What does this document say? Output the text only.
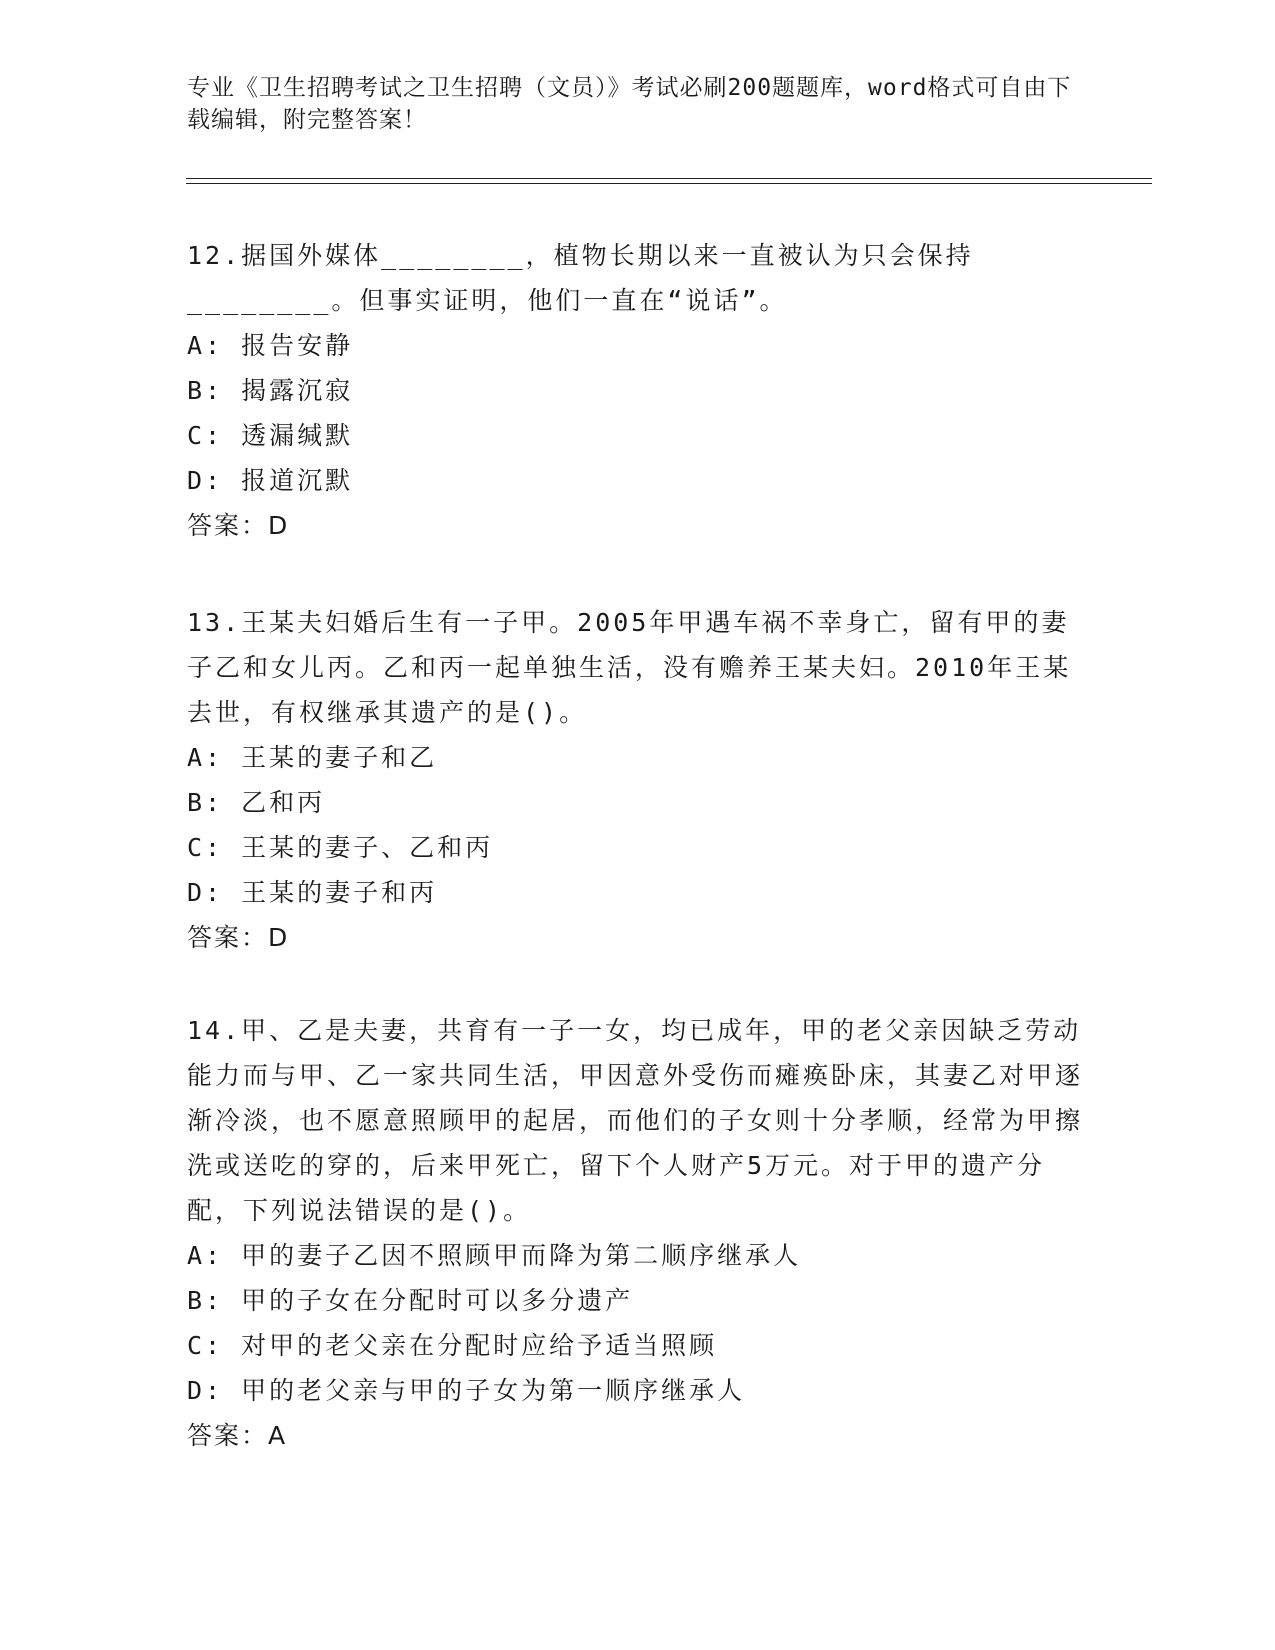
专业《卫生招聘考试之卫生招聘（文员）》考试必刷200题题库，word格式可自由下载编辑，附完整答案！

12.据国外媒体________，植物长期以来一直被认为只会保持________。但事实证明，他们一直在“说话”。

A: 报告安静

B: 揭露沉寂

C: 透漏缄默

D: 报道沉默

答案：D

13.王某夫妇婚后生有一子甲。2005年甲遇车祸不幸身亡，留有甲的妻子乙和女儿丙。乙和丙一起单独生活，没有赡养王某夫妇。2010年王某去世，有权继承其遗产的是()。

A: 王某的妻子和乙

B: 乙和丙

C: 王某的妻子、乙和丙

D: 王某的妻子和丙

答案：D

14.甲、乙是夫妻，共育有一子一女，均已成年，甲的老父亲因缺乏劳动能力而与甲、乙一家共同生活，甲因意外受伤而瘫痪卧床，其妻乙对甲逐渐冷淡，也不愿意照顾甲的起居，而他们的子女则十分孝顺，经常为甲擦洗或送吃的穿的，后来甲死亡，留下个人财产5万元。对于甲的遗产分配，下列说法错误的是()。

A: 甲的妻子乙因不照顾甲而降为第二顺序继承人

B: 甲的子女在分配时可以多分遗产

C: 对甲的老父亲在分配时应给予适当照顾

D: 甲的老父亲与甲的子女为第一顺序继承人

答案：A
